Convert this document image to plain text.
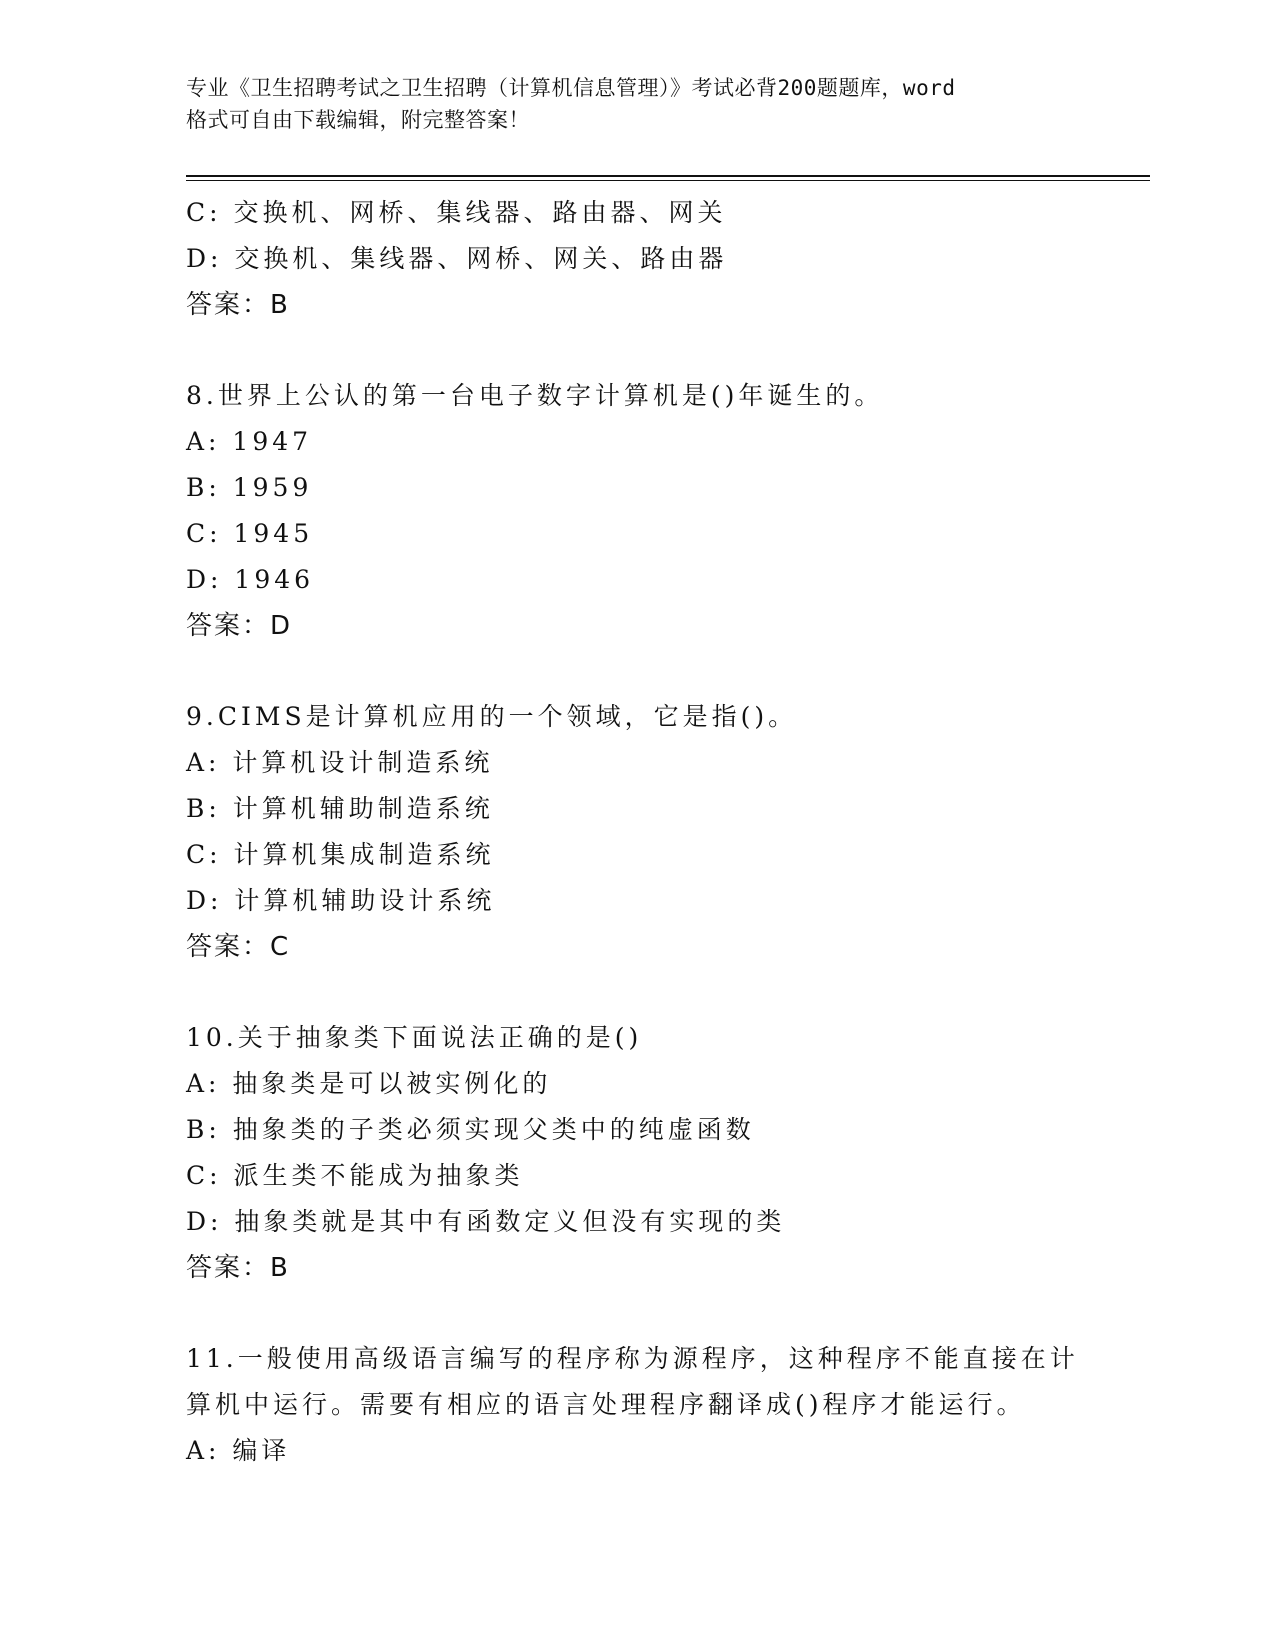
专业《卫生招聘考试之卫生招聘（计算机信息管理）》考试必背200题题库，word
格式可自由下载编辑，附完整答案！
C: 交换机、网桥、集线器、路由器、网关
D: 交换机、集线器、网桥、网关、路由器
答案：B
8.世界上公认的第一台电子数字计算机是()年诞生的。
A: 1947
B: 1959
C: 1945
D: 1946
答案：D
9.CIMS是计算机应用的一个领域，它是指()。
A: 计算机设计制造系统
B: 计算机辅助制造系统
C: 计算机集成制造系统
D: 计算机辅助设计系统
答案：C
10.关于抽象类下面说法正确的是()
A: 抽象类是可以被实例化的
B: 抽象类的子类必须实现父类中的纯虚函数
C: 派生类不能成为抽象类
D: 抽象类就是其中有函数定义但没有实现的类
答案：B
11.一般使用高级语言编写的程序称为源程序，这种程序不能直接在计
算机中运行。需要有相应的语言处理程序翻译成()程序才能运行。
A: 编译
